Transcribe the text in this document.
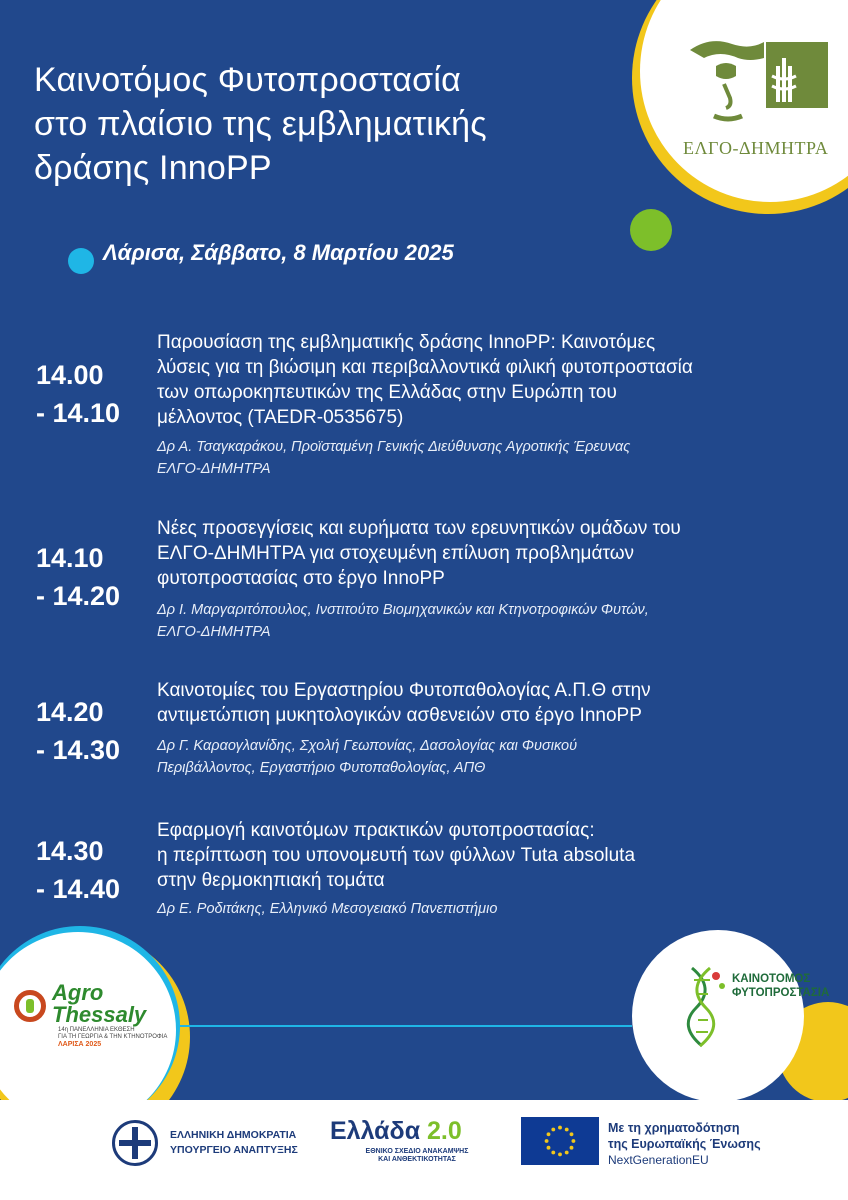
Καινοτόμος Φυτοπροστασία
στο πλαίσιο της εμβληματικής
δράσης InnoPP
Λάρισα, Σάββατο, 8 Μαρτίου 2025
ΕΛΓΟ-ΔΗΜΗΤΡΑ
14.00
- 14.10
Παρουσίαση της εμβληματικής δράσης InnoPP: Καινοτόμες
λύσεις για τη βιώσιμη και περιβαλλοντικά φιλική φυτοπροστασία
των οπωροκηπευτικών της Ελλάδας στην Ευρώπη του
μέλλοντος (TAEDR-0535675)
Δρ Α. Τσαγκαράκου, Προϊσταμένη Γενικής Διεύθυνσης Αγροτικής Έρευνας
ΕΛΓΟ-ΔΗΜΗΤΡΑ
14.10
- 14.20
Νέες προσεγγίσεις και ευρήματα των ερευνητικών ομάδων του
ΕΛΓΟ-ΔΗΜΗΤΡΑ για στοχευμένη επίλυση προβλημάτων
φυτοπροστασίας στο έργο InnoPP
Δρ Ι. Μαργαριτόπουλος, Ινστιτούτο Βιομηχανικών και Κτηνοτροφικών Φυτών,
ΕΛΓΟ-ΔΗΜΗΤΡΑ
14.20
- 14.30
Καινοτομίες του Εργαστηρίου Φυτοπαθολογίας Α.Π.Θ στην
αντιμετώπιση μυκητολογικών ασθενειών στο έργο InnoPP
Δρ Γ. Καραογλανίδης, Σχολή Γεωπονίας, Δασολογίας και Φυσικού
Περιβάλλοντος, Εργαστήριο Φυτοπαθολογίας, ΑΠΘ
14.30
- 14.40
Εφαρμογή καινοτόμων πρακτικών φυτοπροστασίας:
η περίπτωση του υπονομευτή των φύλλων Tuta absoluta
στην θερμοκηπιακή τομάτα
Δρ Ε. Ροδιτάκης, Ελληνικό Μεσογειακό Πανεπιστήμιο
Agro
Thessaly
14η ΠΑΝΕΛΛΗΝΙΑ ΕΚΘΕΣΗ
ΓΙΑ ΤΗ ΓΕΩΡΓΙΑ & ΤΗΝ ΚΤΗΝΟΤΡΟΦΙΑ
ΛΑΡΙΣΑ 2025
ΚΑΙΝΟΤΟΜΟΣ
ΦΥΤΟΠΡΟΣΤΑΣΙΑ
ΕΛΛΗΝΙΚΗ ΔΗΜΟΚΡΑΤΙΑ
ΥΠΟΥΡΓΕΙΟ ΑΝΑΠΤΥΞΗΣ
Ελλάδα 2.0
ΕΘΝΙΚΟ ΣΧΕΔΙΟ ΑΝΑΚΑΜΨΗΣ
ΚΑΙ ΑΝΘΕΚΤΙΚΟΤΗΤΑΣ
Με τη χρηματοδότηση
της Ευρωπαϊκής Ένωσης
NextGenerationEU
